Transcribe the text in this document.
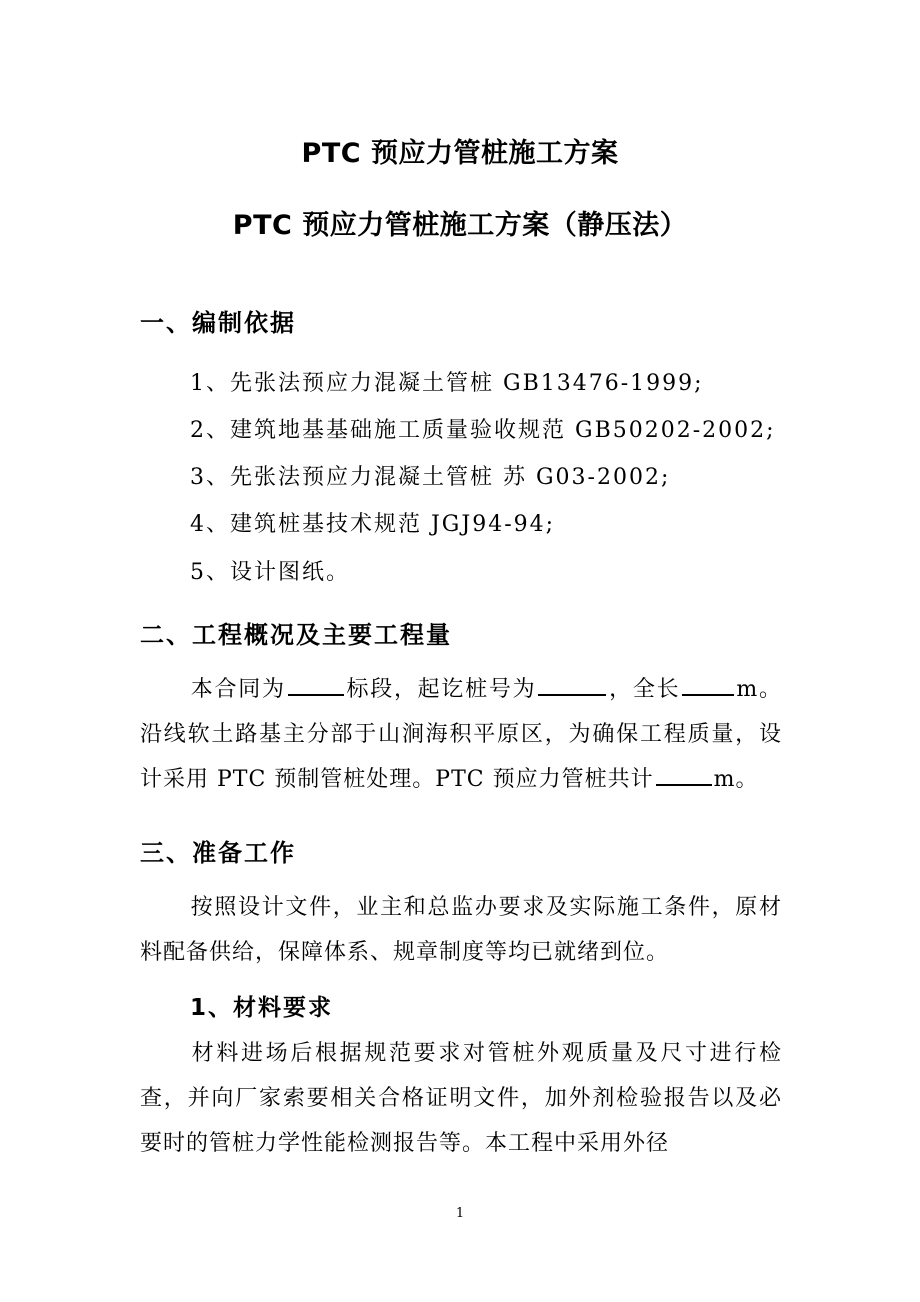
PTC 预应力管桩施工方案
PTC 预应力管桩施工方案（静压法）
一、编制依据
1、先张法预应力混凝土管桩 GB13476-1999;
2、建筑地基基础施工质量验收规范 GB50202-2002;
3、先张法预应力混凝土管桩 苏 G03-2002;
4、建筑桩基技术规范 JGJ94-94;
5、设计图纸。
二、工程概况及主要工程量
本合同为	标段，起讫桩号为	，全长	m。沿线软土路基主分部于山涧海积平原区，为确保工程质量，设计采用 PTC 预制管桩处理。PTC 预应力管桩共计	m。
三、准备工作
按照设计文件，业主和总监办要求及实际施工条件，原材料配备供给，保障体系、规章制度等均已就绪到位。
1、材料要求
材料进场后根据规范要求对管桩外观质量及尺寸进行检查，并向厂家索要相关合格证明文件，加外剂检验报告以及必要时的管桩力学性能检测报告等。本工程中采用外径
1
